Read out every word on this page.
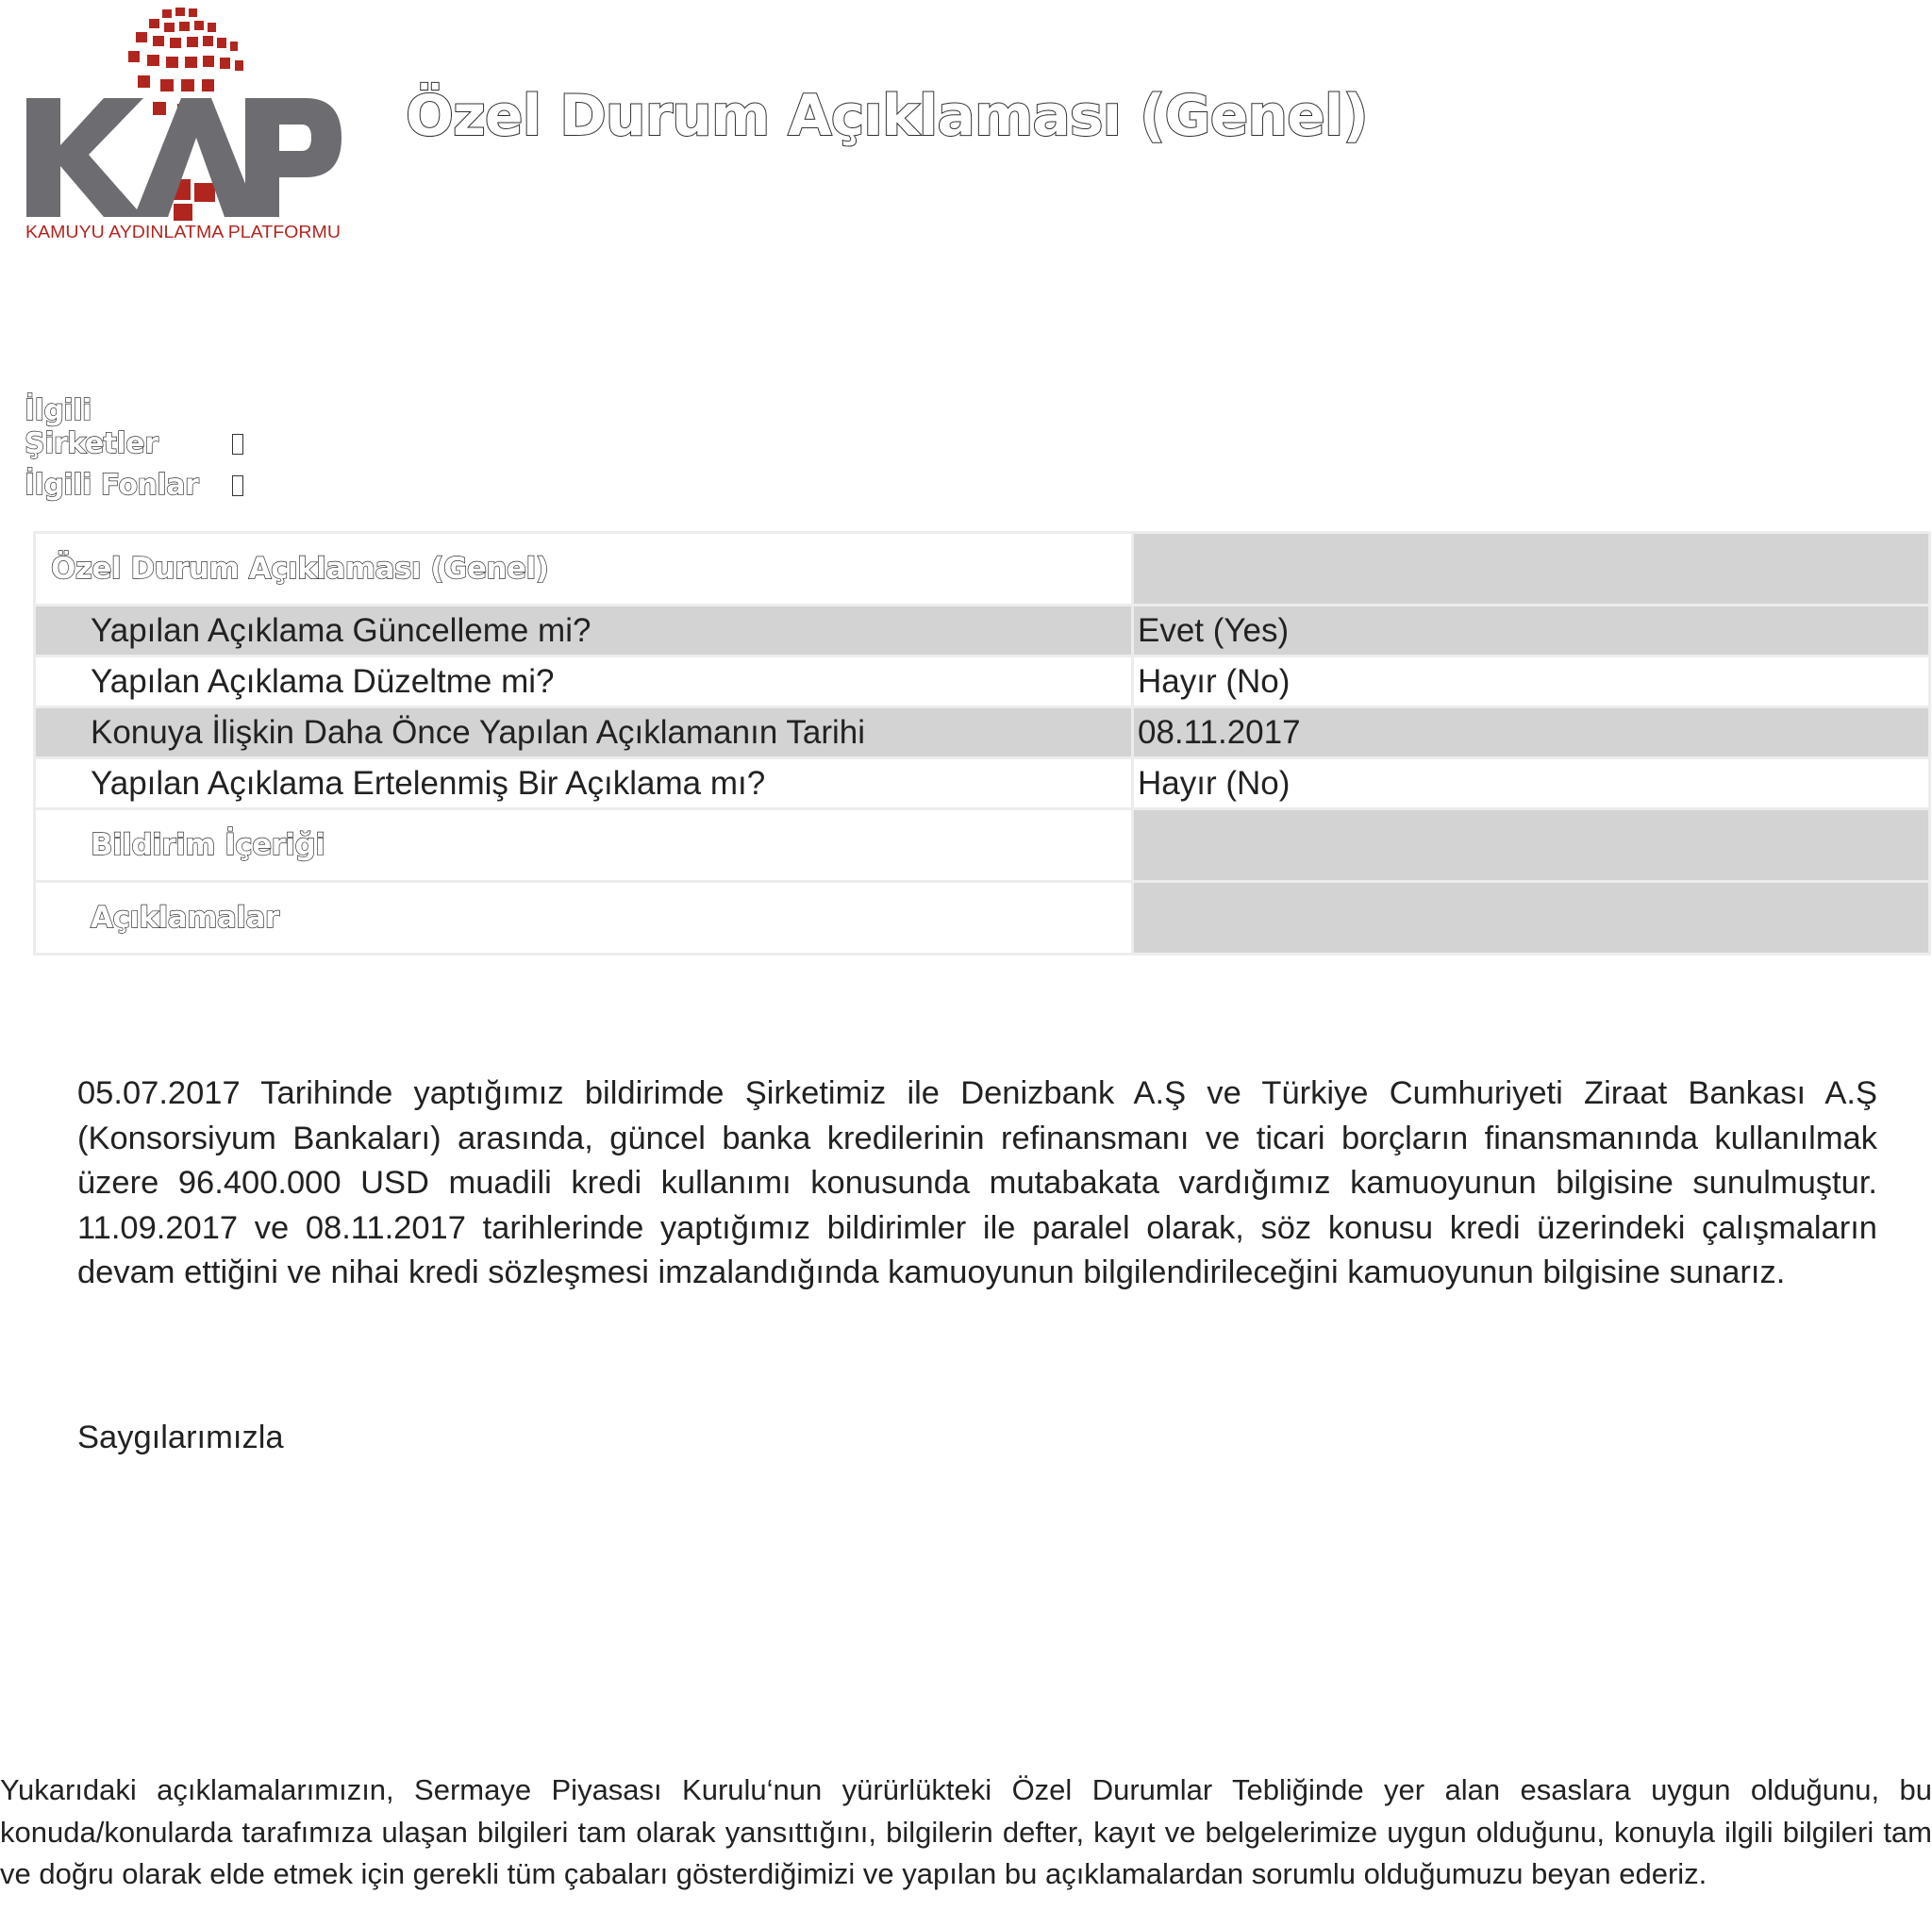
KAMUYU AYDINLATMA PLATFORMU
Özel Durum Açıklaması (Genel)
İlgili Şirketler
İlgili Fonlar
Özel Durum Açıklaması (Genel)	
Yapılan Açıklama Güncelleme mi?	Evet (Yes)
Yapılan Açıklama Düzeltme mi?	Hayır (No)
Konuya İlişkin Daha Önce Yapılan Açıklamanın Tarihi	08.11.2017
Yapılan Açıklama Ertelenmiş Bir Açıklama mı?	Hayır (No)
Bildirim İçeriği	
Açıklamalar	

05.07.2017 Tarihinde yaptığımız bildirimde Şirketimiz ile Denizbank A.Ş ve Türkiye Cumhuriyeti Ziraat Bankası A.Ş (Konsorsiyum Bankaları) arasında, güncel banka kredilerinin refinansmanı ve ticari borçların finansmanında kullanılmak üzere 96.400.000 USD muadili kredi kullanımı konusunda mutabakata vardığımız kamuoyunun bilgisine sunulmuştur. 11.09.2017 ve 08.11.2017 tarihlerinde yaptığımız bildirimler ile paralel olarak, söz konusu kredi üzerindeki çalışmaların devam ettiğini ve nihai kredi sözleşmesi imzalandığında kamuoyunun bilgilendirileceğini kamuoyunun bilgisine sunarız.

Saygılarımızla

Yukarıdaki açıklamalarımızın, Sermaye Piyasası Kurulu‘nun yürürlükteki Özel Durumlar Tebliğinde yer alan esaslara uygun olduğunu, bu konuda/konularda tarafımıza ulaşan bilgileri tam olarak yansıttığını, bilgilerin defter, kayıt ve belgelerimize uygun olduğunu, konuyla ilgili bilgileri tam ve doğru olarak elde etmek için gerekli tüm çabaları gösterdiğimizi ve yapılan bu açıklamalardan sorumlu olduğumuzu beyan ederiz.
